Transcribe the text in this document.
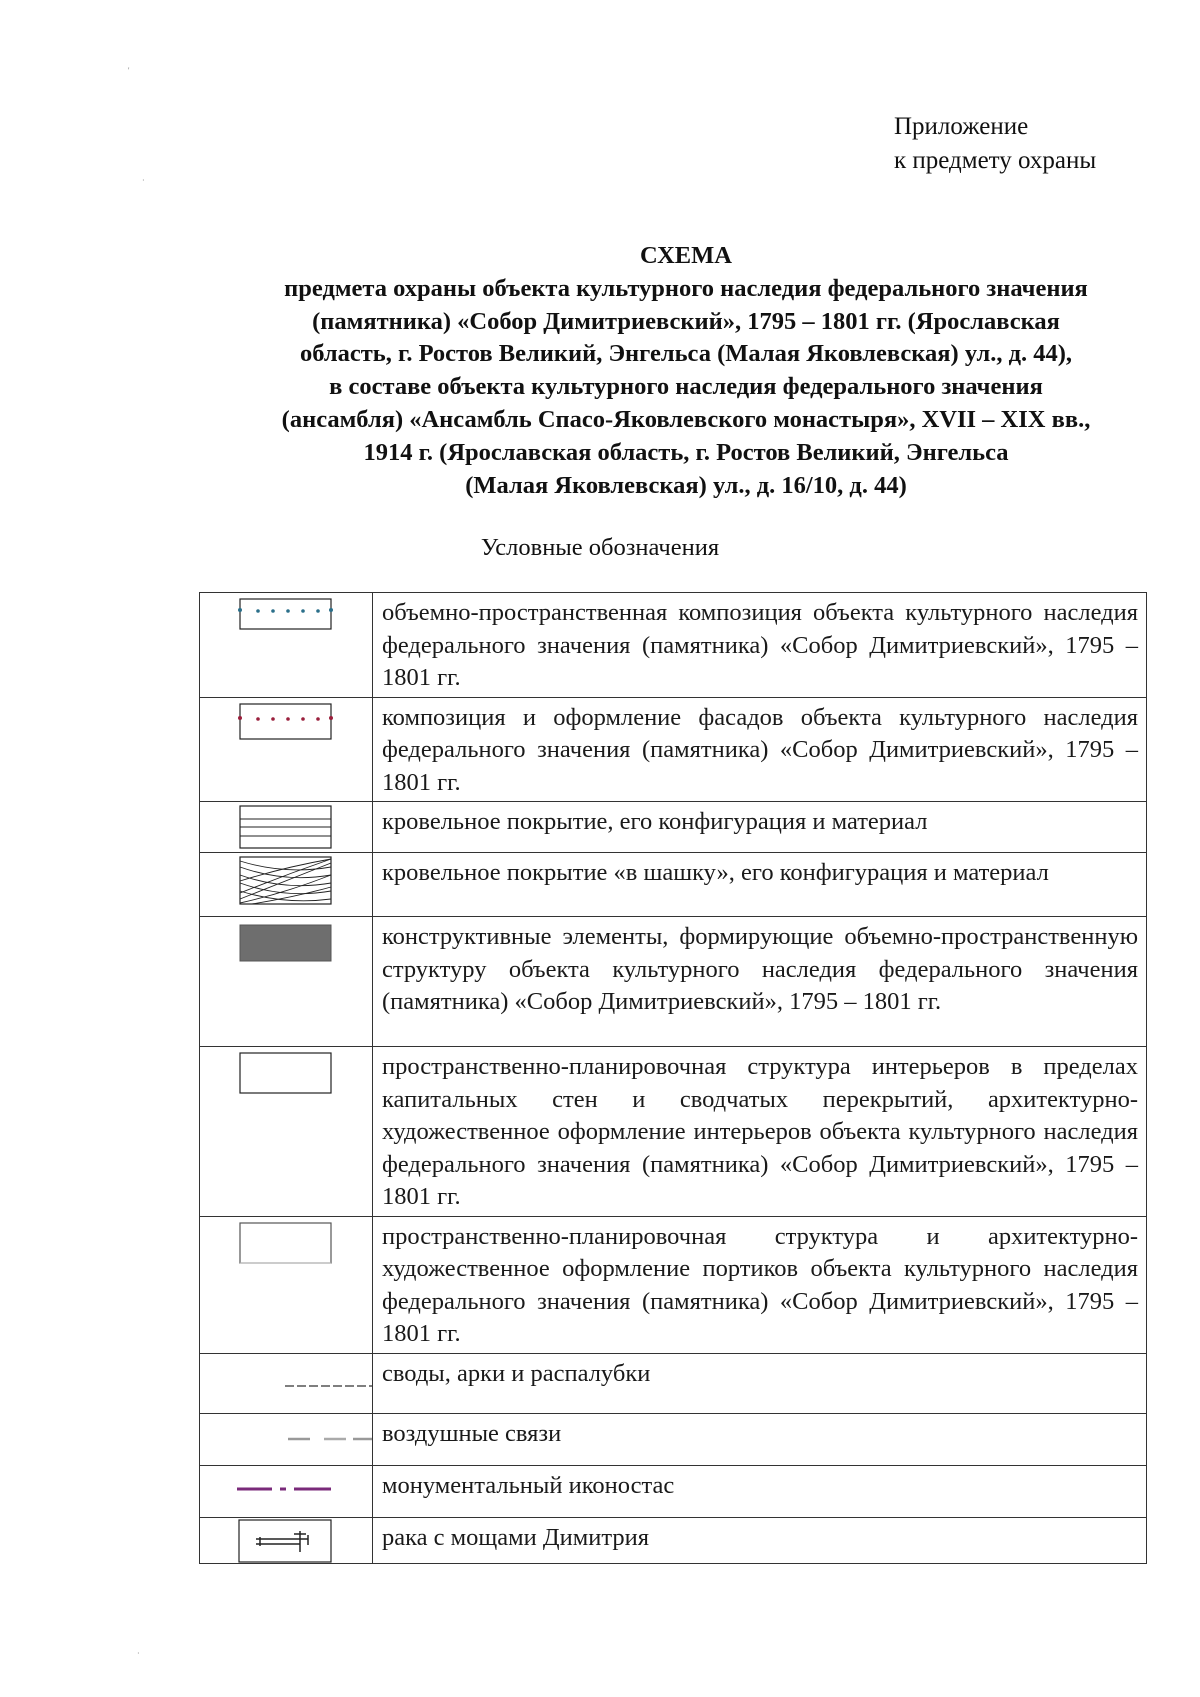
Приложение
к предмету охраны
СХЕМА
предмета охраны объекта культурного наследия федерального значения
(памятника) «Собор Димитриевский», 1795 – 1801 гг. (Ярославская
область, г. Ростов Великий, Энгельса (Малая Яковлевская) ул., д. 44),
в составе объекта культурного наследия федерального значения
(ансамбля) «Ансамбль Спасо-Яковлевского монастыря», XVII – XIX вв.,
1914 г. (Ярославская область, г. Ростов Великий, Энгельса
(Малая Яковлевская) ул., д. 16/10, д. 44)
Условные обозначения
	объемно-пространственная композиция объекта культурного наследия федерального значения (памятника) «Собор Димитриевский», 1795 – 1801 гг.

	композиция и оформление фасадов объекта культурного наследия федерального значения (памятника) «Собор Димитриевский», 1795 – 1801 гг.

	кровельное покрытие, его конфигурация и материал

	кровельное покрытие «в шашку», его конфигурация и материал

	конструктивные элементы, формирующие объемно-пространственную структуру объекта культурного наследия федерального значения (памятника) «Собор Димитриевский», 1795 – 1801 гг.

	пространственно-планировочная структура интерьеров в пределах капитальных стен и сводчатых перекрытий, архитектурно-художественное оформление интерьеров объекта культурного наследия федерального значения (памятника) «Собор Димитриевский», 1795 – 1801 гг.

	пространственно-планировочная структура и архитектурно-художественное оформление портиков объекта культурного наследия федерального значения (памятника) «Собор Димитриевский», 1795 – 1801 гг.

	своды, арки и распалубки

	воздушные связи

	монументальный иконостас

	рака с мощами Димитрия
'
·
·
